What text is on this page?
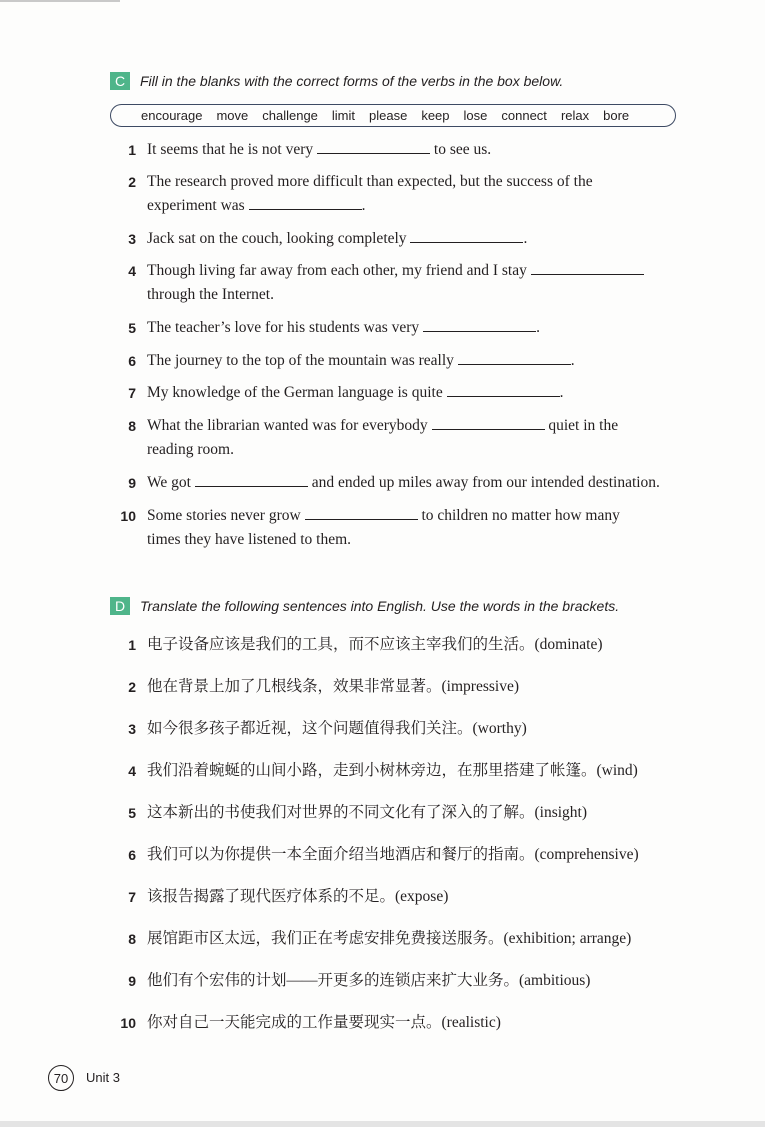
C	Fill in the blanks with the correct forms of the verbs in the box below.
encourage move challenge limit please keep lose connect relax bore
1 It seems that he is not very	to see us.
2 The research proved more difficult than expected, but the success of the
experiment was	.
3 Jack sat on the couch, looking completely	.
4 Though living far away from each other, my friend and I stay
through the Internet.
5 The teacher’s love for his students was very	.
6 The journey to the top of the mountain was really	.
7 My knowledge of the German language is quite	.
8 What the librarian wanted was for everybody	quiet in the
reading room.
9 We got	and ended up miles away from our intended destination.
10 Some stories never grow	to children no matter how many
times they have listened to them.
D	Translate the following sentences into English. Use the words in the brackets.
1 电子设备应该是我们的工具，而不应该主宰我们的生活。(dominate)
2 他在背景上加了几根线条，效果非常显著。(impressive)
3 如今很多孩子都近视，这个问题值得我们关注。(worthy)
4 我们沿着蜿蜒的山间小路，走到小树林旁边，在那里搭建了帐篷。(wind)
5 这本新出的书使我们对世界的不同文化有了深入的了解。(insight)
6 我们可以为你提供一本全面介绍当地酒店和餐厅的指南。(comprehensive)
7 该报告揭露了现代医疗体系的不足。(expose)
8 展馆距市区太远，我们正在考虑安排免费接送服务。(exhibition; arrange)
9 他们有个宏伟的计划——开更多的连锁店来扩大业务。(ambitious)
10 你对自己一天能完成的工作量要现实一点。(realistic)
70	Unit 3
